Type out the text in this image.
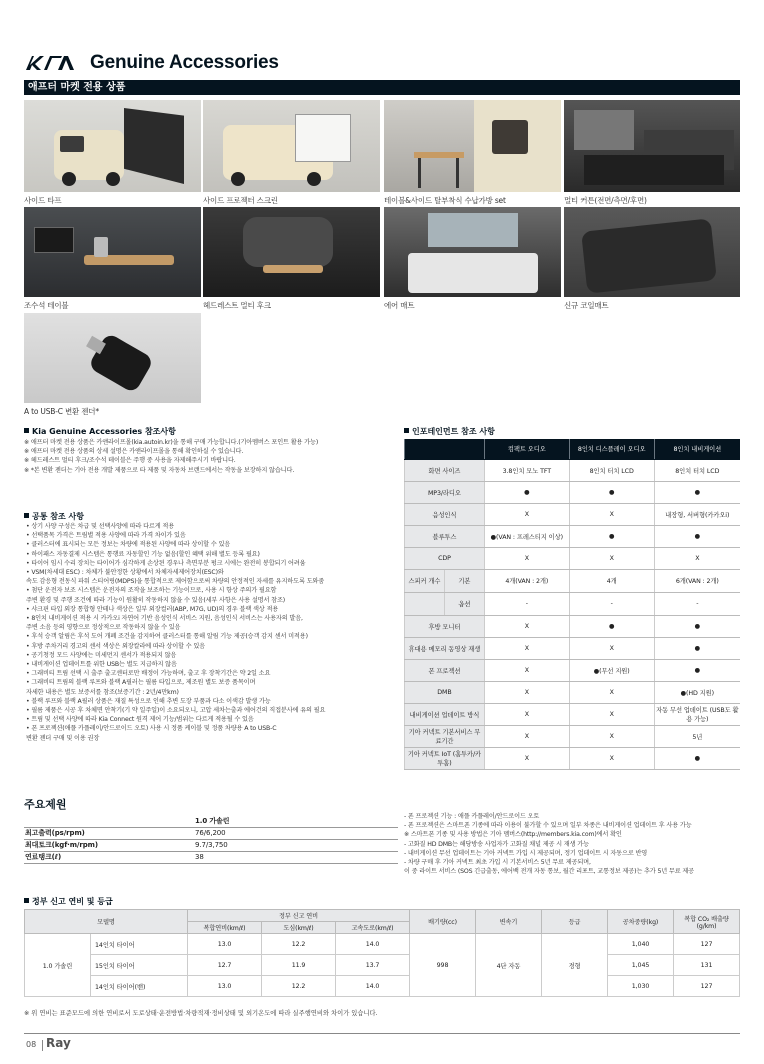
Genuine Accessories
애프터 마켓 전용 상품
사이드 타프	사이드 프로젝터 스크린	테이블&사이드 탈부착식 수납가방 set	멀티 커튼(전면/측면/후면)
조수석 테이블	헤드레스트 멀티 후크	에어 매트	신규 코일매트
A to USB-C 변환 젠더*
Kia Genuine Accessories 참조사항
※ 애프터 마켓 전용 상품은 카앤라이프몰(kia.autoin.kr)을 통해 구매 가능합니다.(기아멤버스 포인트 활용 가능)
※ 애프터 마켓 전용 상품의 상세 설명은 카앤라이프몰을 통해 확인하실 수 있습니다.
※ 헤드레스트 멀티 후크/조수석 테이블은 주행 중 사용을 자제해주시기 바랍니다.
※ *본 변환 젠더는 기아 전용 개발 제품으로 타 제품 및 자동차 브랜드에서는 작동을 보장하지 않습니다.
공통 참조 사항
• 상기 사양 구성은 차급 및 선택사양에 따라 다르게 적용
• 선택품목 가격은 트림별 적용 사양에 따라 가격 차이가 있음
• 클러스터에 표시되는 모든 정보는 차량에 적용된 사양에 따라 상이할 수 있음
• 하이패스 자동결제 시스템은 통행료 자동할인 기능 없음(할인 혜택 위해 별도 등록 필요)
• 타이어 임시 수리 장치는 타이어가 심각하게 손상된 경우나 측면부분 펑크 시에는 완전히 봉합되기 어려움
• VSM(차세대 ESC) : 차체가 불안정한 상황에서 차체자세제어장치(ESC)와
속도 감응형 전동식 파워 스티어링(MDPS)을 통합적으로 제어함으로써 차량의 안정적인 자세를 유지하도록 도와줌
• 첨단 운전자 보조 시스템은 운전자의 조작을 보조하는 기능이므로, 사용 시 항상 주의가 필요함
주변 환경 및 주행 조건에 따라 기능이 원활히 작동하지 않을 수 있음(세부 사항은 사용 설명서 참조)
• 샤크핀 타입 외장 통합형 안테나 색상은 일부 외장컬러(ABP, M7G, UD)의 경우 블랙 색상 적용
• 8인치 내비게이션 적용 시 카카오i 자연어 기반 음성인식 서비스 지원, 음성인식 서비스는 사용자의 발음,
주변 소음 등의 영향으로 정상적으로 작동하지 않을 수 있음
• 후석 승객 알림은 후석 도어 개폐 조건을 감지하여 클러스터를 통해 알림 기능 제공(승객 감지 센서 미적용)
• 후방 주차거리 경고의 센서 색상은 외장칼라에 따라 상이할 수 있음
• 공기청정 모드 사양에는 미세먼지 센서가 적용되지 않음
• 내비게이션 업데이트를 위한 USB는 별도 지급하지 않음
• 그래비티 트림 선택 시 출주 출고센터로만 배정이 가능하며, 출고 후 장착기간은 약 2일 소요
• 그래비티 트림의 블랙 루프와 블랙 A필러는 필름 타입으로, 제조원 별도 보증 품목이며
자세한 내용은 별도 보증서를 참조(보증기간 : 2년/4만km)
• 블랙 루프와 블랙 A필러 상품은 재질 특성으로 인해 추변 도장 부품과 다소 이색감 발생 가능
• 필름 제품은 시공 후 차체면 안착기(기 약 일주일)이 소요되오니, 고압 세차는출과 에어건의 직접분사에 유의 필요
• 트림 및 선택 사양에 따라 Kia Connect 원격 제어 기능/범위는 다르게 적용될 수 있음
• 폰 프로젝션(애플 카플레이/안드로이드 오토) 사용 시 정품 케이블 및 정품 차량용 A to USB-C
변환 젠더 구매 및 이용 권장
인포테인먼트 참조 사항
	컴팩트 오디오	8인치 디스플레이 오디오	8인치 내비게이션
화면 사이즈	3.8인치 모노 TFT	8인치 터치 LCD	8인치 터치 LCD
MP3/라디오	●	●	●
음성인식	X	X	내장형, 서버형(카카오i)
블루투스	●(VAN : 프레스티지 이상)	●	●
CDP	X	X	X

스피커 개수 기본	4개(VAN : 2개)	4개	6개(VAN : 2개)

옵션	-	-	-
후방 모니터	X	●	●
휴대용 메모리 동영상 재생	X	X	●
폰 프로젝션	X	●(무선 지원)	●
DMB	X	X	●(HD 지원)
내비게이션 업데이트 방식	X	X	자동 무선 업데이트 (USB도 활용 가능)
기아 커넥트 기본서비스 무료기간	X	X	5년
기아 커넥트 IoT (홈투카/카투홈)	X	X	●
- 폰 프로젝션 기능 : 애플 카플레이/안드로이드 오토
- 폰 프로젝션은 스마트폰 기종에 따라 이용이 불가할 수 있으며 일부 차종은 내비게이션 업데이트 후 사용 가능
※ 스마트폰 기종 및 사용 방법은 기아 멤버스(http://members.kia.com)에서 확인
- 고화질 HD DMB는 해당방송 사업자가 고화질 채널 제공 시 재생 가능
- 내비게이션 무선 업데이트는 기아 커넥트 가입 시 제공되며, 정기 업데이트 시 자동으로 반영
- 차량 구매 후 기아 커넥트 최초 가입 시 기본서비스 5년 무료 제공되며,
이 중 라이트 서비스 (SOS 긴급출동, 에어백 전개 자동 통보, 월간 리포트, 교통정보 제공)는 추가 5년 무료 제공
주요제원
	1.0 가솔린
최고출력(ps/rpm)	76/6,200
최대토크(kgf·m/rpm)	9.7/3,750
연료탱크(ℓ)	38
정부 신고 연비 및 등급
모델명		정부 신고 연비			배기량(cc)	변속기	등급	공차중량(kg)	복합 CO₂ 배출량 (g/km)
		복합연비(km/ℓ)	도심(km/ℓ)	고속도로(km/ℓ)					
1.0 가솔린	14인치 타이어	13.0	12.2	14.0	998	4단 자동	경형	1,040	127
	15인치 타이어	12.7	11.9	13.7				1,045	131
	14인치 타이어(밴)	13.0	12.2	14.0				1,030	127
※ 위 연비는 표준모드에 의한 연비로서 도로상태·운전방법·차량적재·정비상태 및 외기온도에 따라 실주행연비와 차이가 있습니다.
08 Ray
